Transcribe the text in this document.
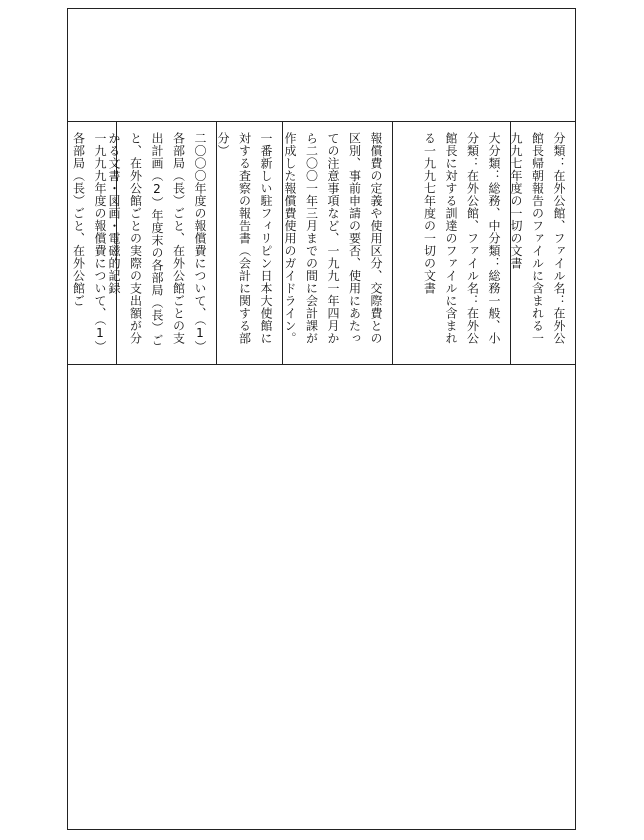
一九九九年度の報償費について、（1）各部局（長）ごと、在外公館ご	二〇〇〇年度の報償費について、（1）各部局（長）ごと、在外公館ごとの支出計画（2）年度末の各部局（長）ごと、在外公館ごとの実際の支出額が分かる文書・図画・電磁的記録	一番新しい駐フィリピン日本大使館に対する査察の報告書（会計に関する部分）	報償費の定義や使用区分、交際費との区別、事前申請の要否、使用にあたっての注意事項など、一九九一年四月から二〇〇一年三月までの間に会計課が作成した報償費使用のガイドライン。	大分類：総務、中分類：総務一般、小分類：在外公館、ファイル名：在外公館長に対する訓達のファイルに含まれる一九九七年度の一切の文書	分類：在外公館、ファイル名：在外公館長帰朝報告のファイルに含まれる一九九七年度の一切の文書
